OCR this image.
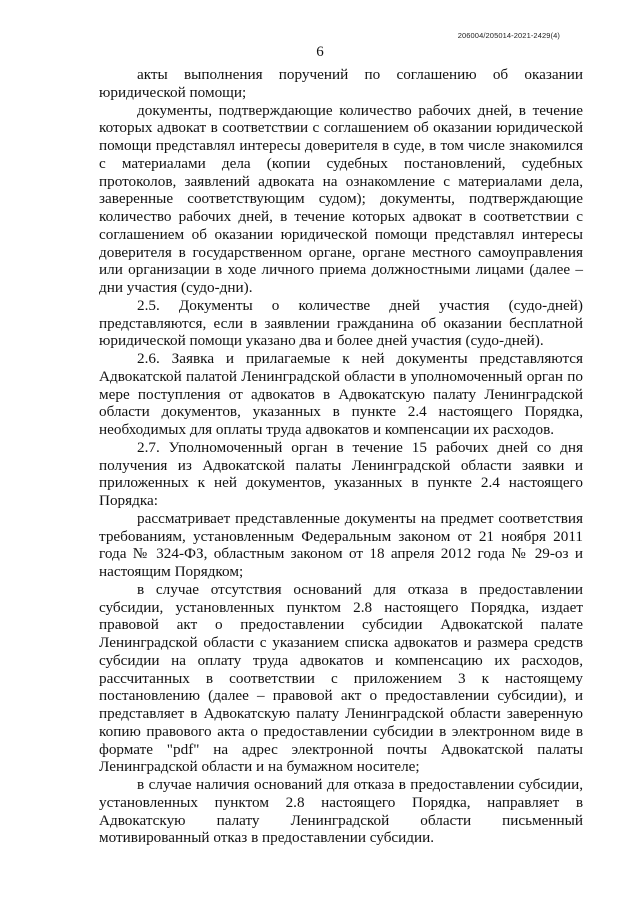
206004/205014-2021-2429(4)
6

акты выполнения поручений по соглашению об оказании юридической помощи;

документы, подтверждающие количество рабочих дней, в течение которых адвокат в соответствии с соглашением об оказании юридической помощи представлял интересы доверителя в суде, в том числе знакомился с материалами дела (копии судебных постановлений, судебных протоколов, заявлений адвоката на ознакомление с материалами дела, заверенные соответствующим судом); документы, подтверждающие количество рабочих дней, в течение которых адвокат в соответствии с соглашением об оказании юридической помощи представлял интересы доверителя в государственном органе, органе местного самоуправления или организации в ходе личного приема должностными лицами (далее – дни участия (судо-дни).

2.5. Документы о количестве дней участия (судо-дней) представляются, если в заявлении гражданина об оказании бесплатной юридической помощи указано два и более дней участия (судо-дней).

2.6. Заявка и прилагаемые к ней документы представляются Адвокатской палатой Ленинградской области в уполномоченный орган по мере поступления от адвокатов в Адвокатскую палату Ленинградской области документов, указанных в пункте 2.4 настоящего Порядка, необходимых для оплаты труда адвокатов и компенсации их расходов.

2.7. Уполномоченный орган в течение 15 рабочих дней со дня получения из Адвокатской палаты Ленинградской области заявки и приложенных к ней документов, указанных в пункте 2.4 настоящего Порядка:

рассматривает представленные документы на предмет соответствия требованиям, установленным Федеральным законом от 21 ноября 2011 года № 324-ФЗ, областным законом от 18 апреля 2012 года № 29-оз и настоящим Порядком;

в случае отсутствия оснований для отказа в предоставлении субсидии, установленных пунктом 2.8 настоящего Порядка, издает правовой акт о предоставлении субсидии Адвокатской палате Ленинградской области с указанием списка адвокатов и размера средств субсидии на оплату труда адвокатов и компенсацию их расходов, рассчитанных в соответствии с приложением 3 к настоящему постановлению (далее – правовой акт о предоставлении субсидии), и представляет в Адвокатскую палату Ленинградской области заверенную копию правового акта о предоставлении субсидии в электронном виде в формате "pdf" на адрес электронной почты Адвокатской палаты Ленинградской области и на бумажном носителе;

в случае наличия оснований для отказа в предоставлении субсидии, установленных пунктом 2.8 настоящего Порядка, направляет в Адвокатскую палату Ленинградской области письменный мотивированный отказ в предоставлении субсидии.
